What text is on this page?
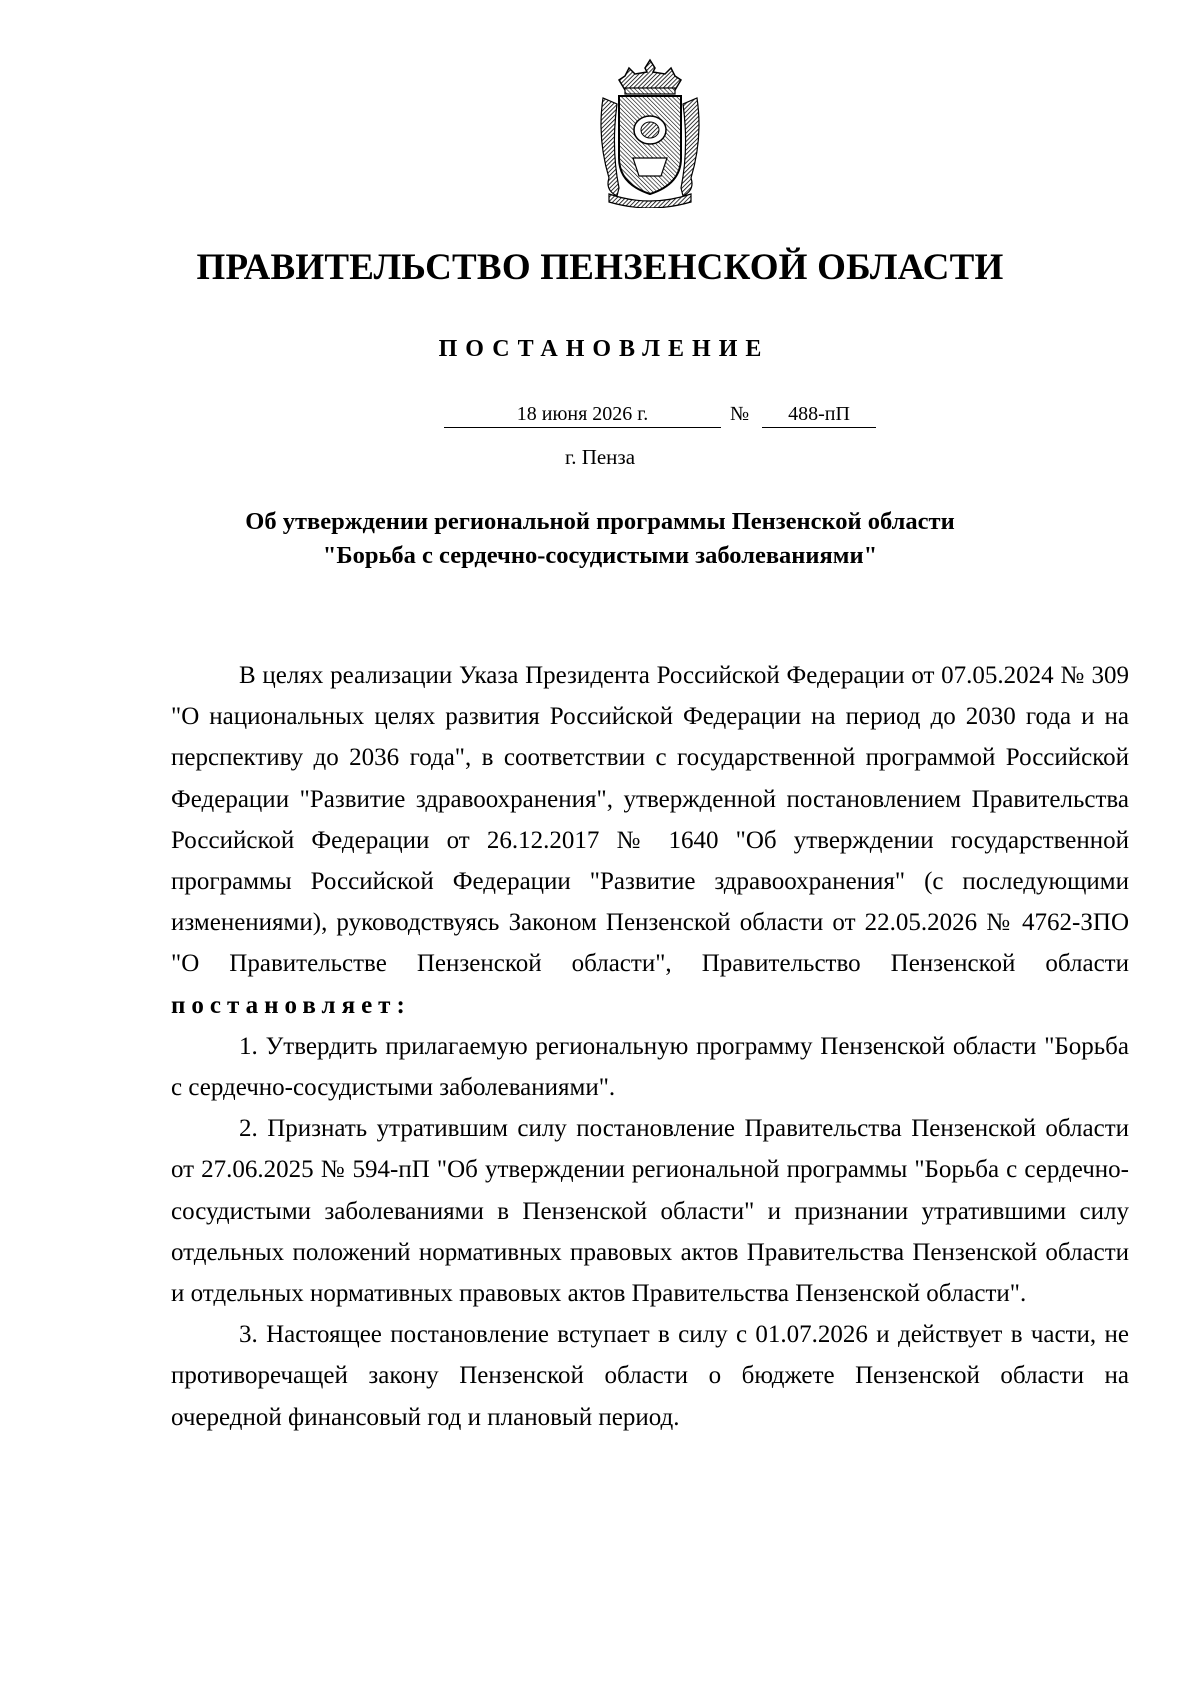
ПРАВИТЕЛЬСТВО ПЕНЗЕНСКОЙ ОБЛАСТИ
ПОСТАНОВЛЕНИЕ
18 июня 2026 г.	№	488-пП
г. Пенза
Об утверждении региональной программы Пензенской области
"Борьба с сердечно-сосудистыми заболеваниями"

В целях реализации Указа Президента Российской Федерации от 07.05.2024 № 309 "О национальных целях развития Российской Федерации на период до 2030 года и на перспективу до 2036 года", в соответствии с государственной программой Российской Федерации "Развитие здравоохранения", утвержденной постановлением Правительства Российской Федерации от 26.12.2017 № 1640 "Об утверждении государственной программы Российской Федерации "Развитие здравоохранения" (с последующими изменениями), руководствуясь Законом Пензенской области от 22.05.2026 № 4762-ЗПО "О Правительстве Пензенской области", Правительство Пензенской области постановляет:

1. Утвердить прилагаемую региональную программу Пензенской области "Борьба с сердечно-сосудистыми заболеваниями".

2. Признать утратившим силу постановление Правительства Пензенской области от 27.06.2025 № 594-пП "Об утверждении региональной программы "Борьба с сердечно-сосудистыми заболеваниями в Пензенской области" и признании утратившими силу отдельных положений нормативных правовых актов Правительства Пензенской области и отдельных нормативных правовых актов Правительства Пензенской области".

3. Настоящее постановление вступает в силу с 01.07.2026 и действует в части, не противоречащей закону Пензенской области о бюджете Пензенской области на очередной финансовый год и плановый период.
